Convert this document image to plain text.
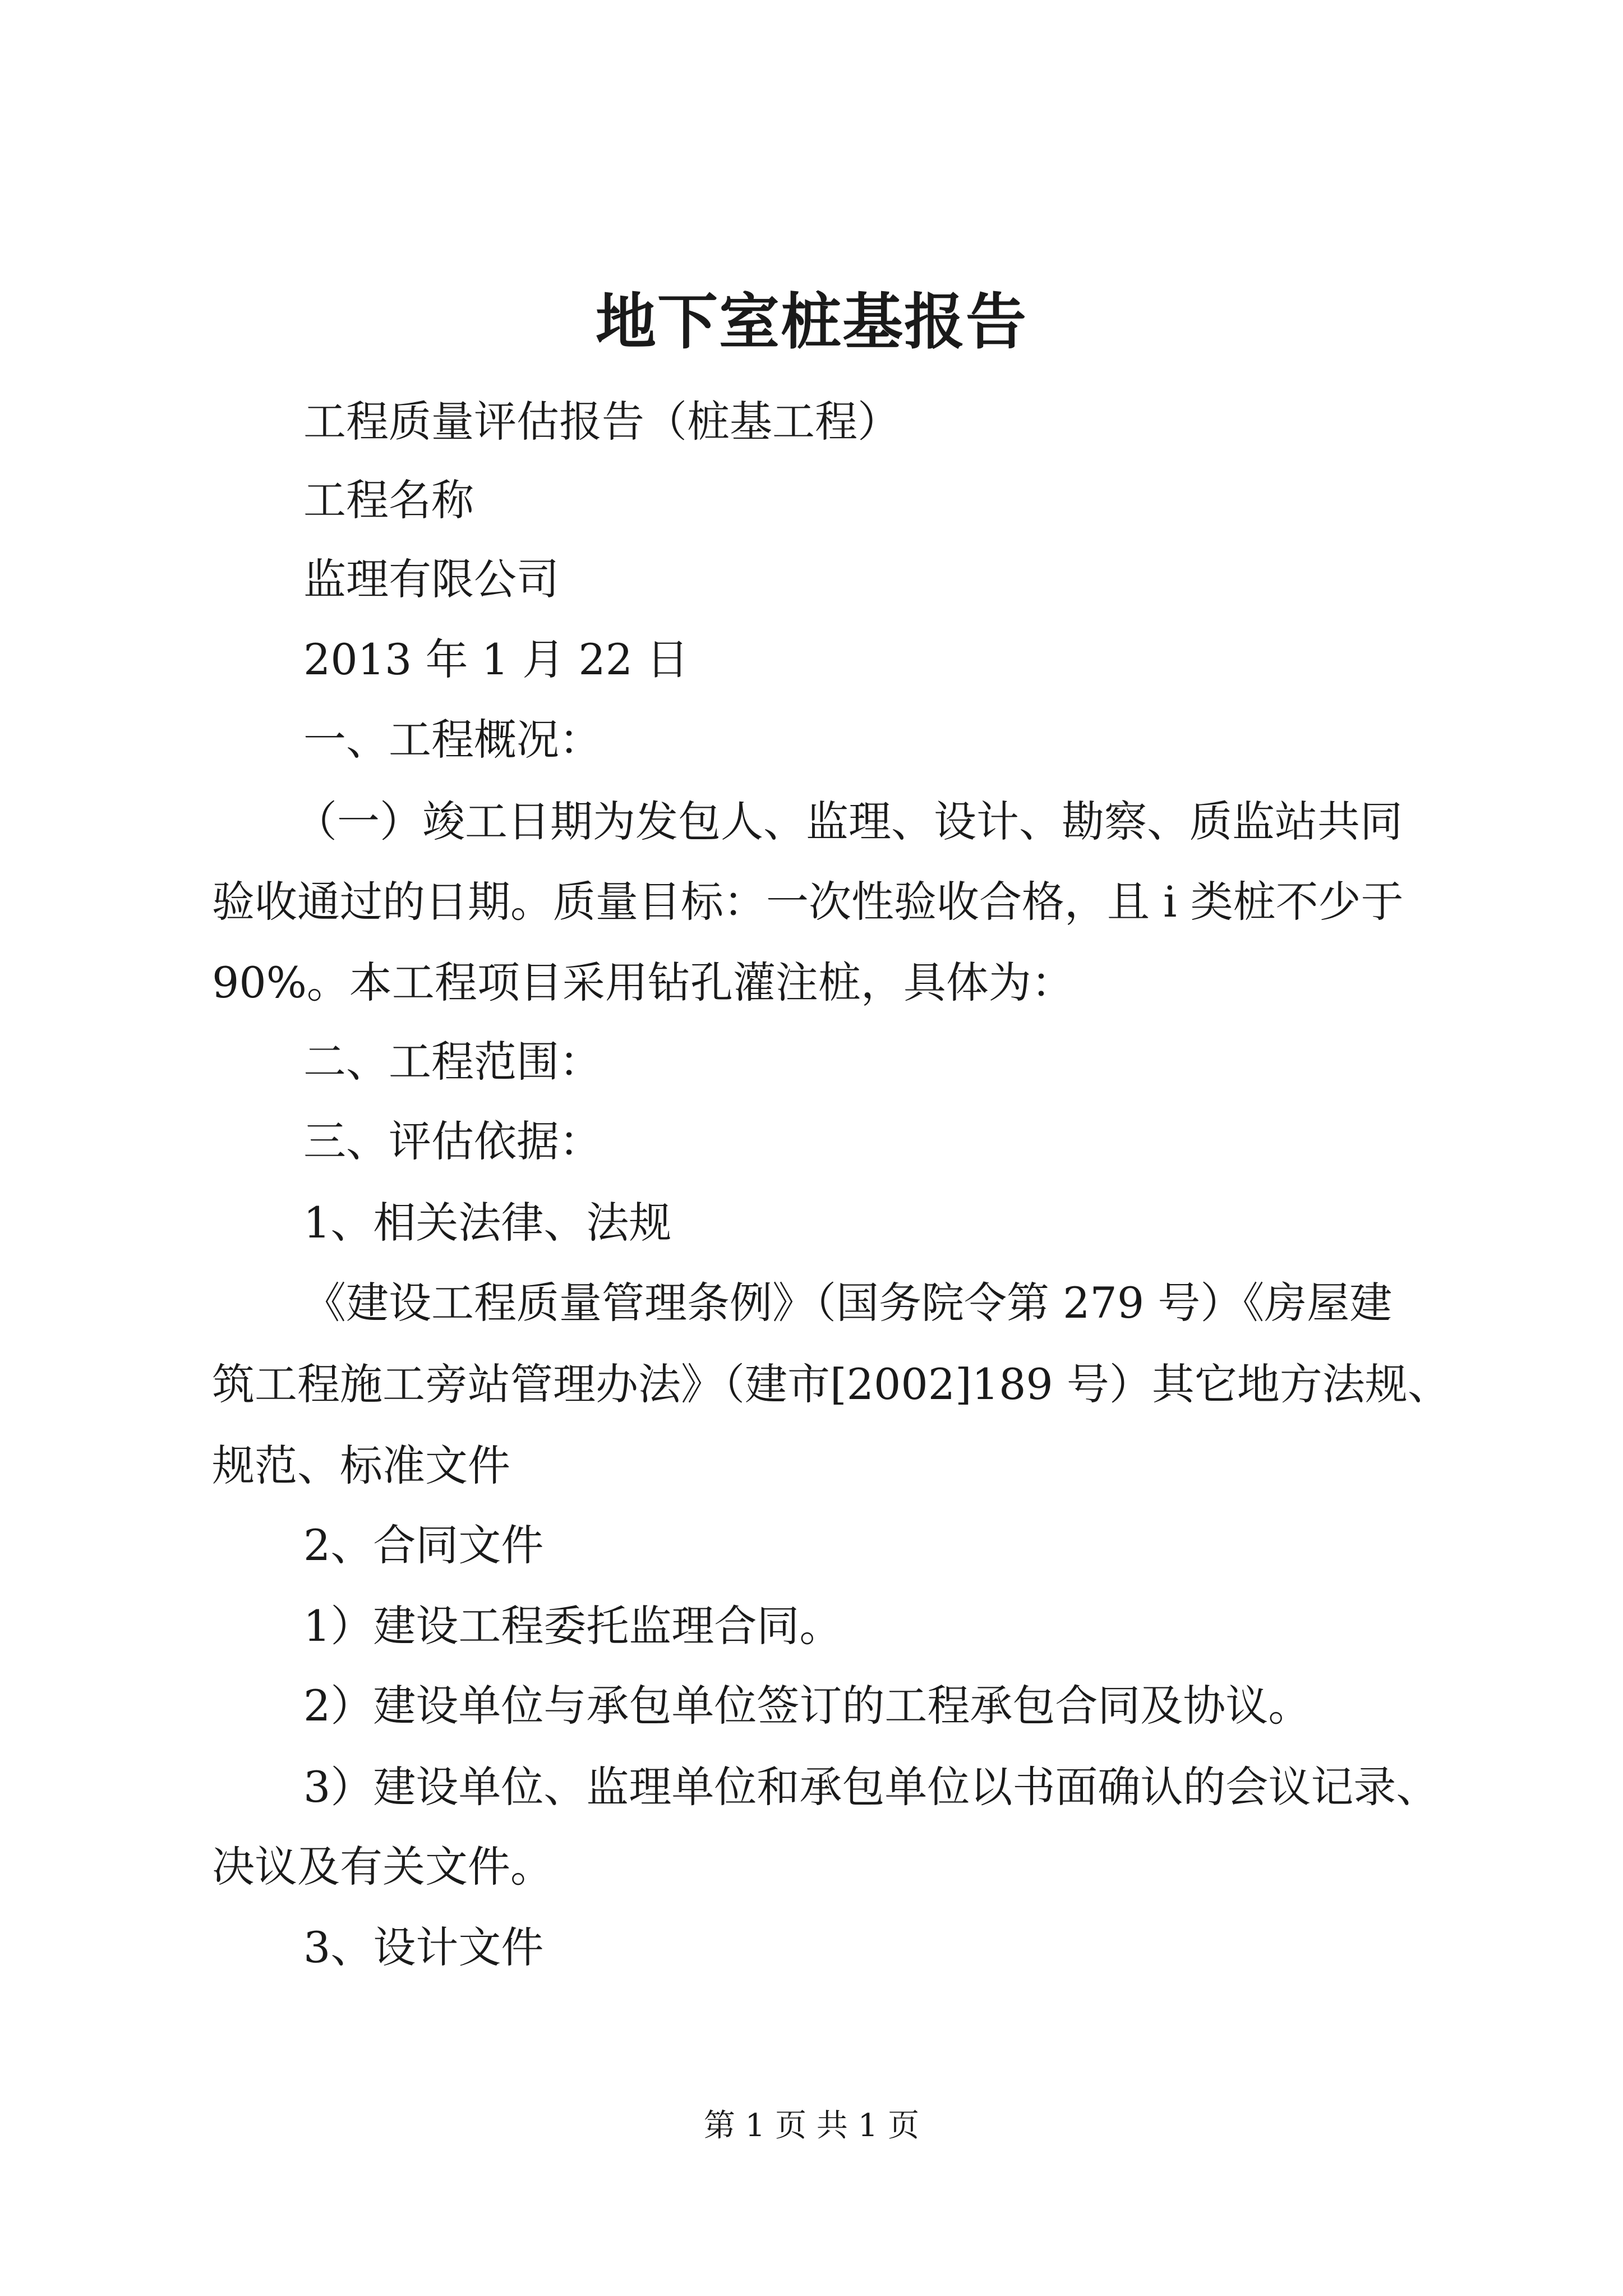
地下室桩基报告
工程质量评估报告（桩基工程）
工程名称
监理有限公司
2013 年 1 月 22 日
一、工程概况：
（一）竣工日期为发包人、监理、设计、勘察、质监站共同
验收通过的日期。质量目标：一次性验收合格，且 i 类桩不少于
90%。本工程项目采用钻孔灌注桩，具体为：
二、工程范围：
三、评估依据：
1、相关法律、法规
《建设工程质量管理条例》（国务院令第 279 号）《房屋建
筑工程施工旁站管理办法》（建市[2002]189 号）其它地方法规、
规范、标准文件
2、合同文件
1）建设工程委托监理合同。
2）建设单位与承包单位签订的工程承包合同及协议。
3）建设单位、监理单位和承包单位以书面确认的会议记录、
决议及有关文件。
3、设计文件
第 1 页 共 1 页
